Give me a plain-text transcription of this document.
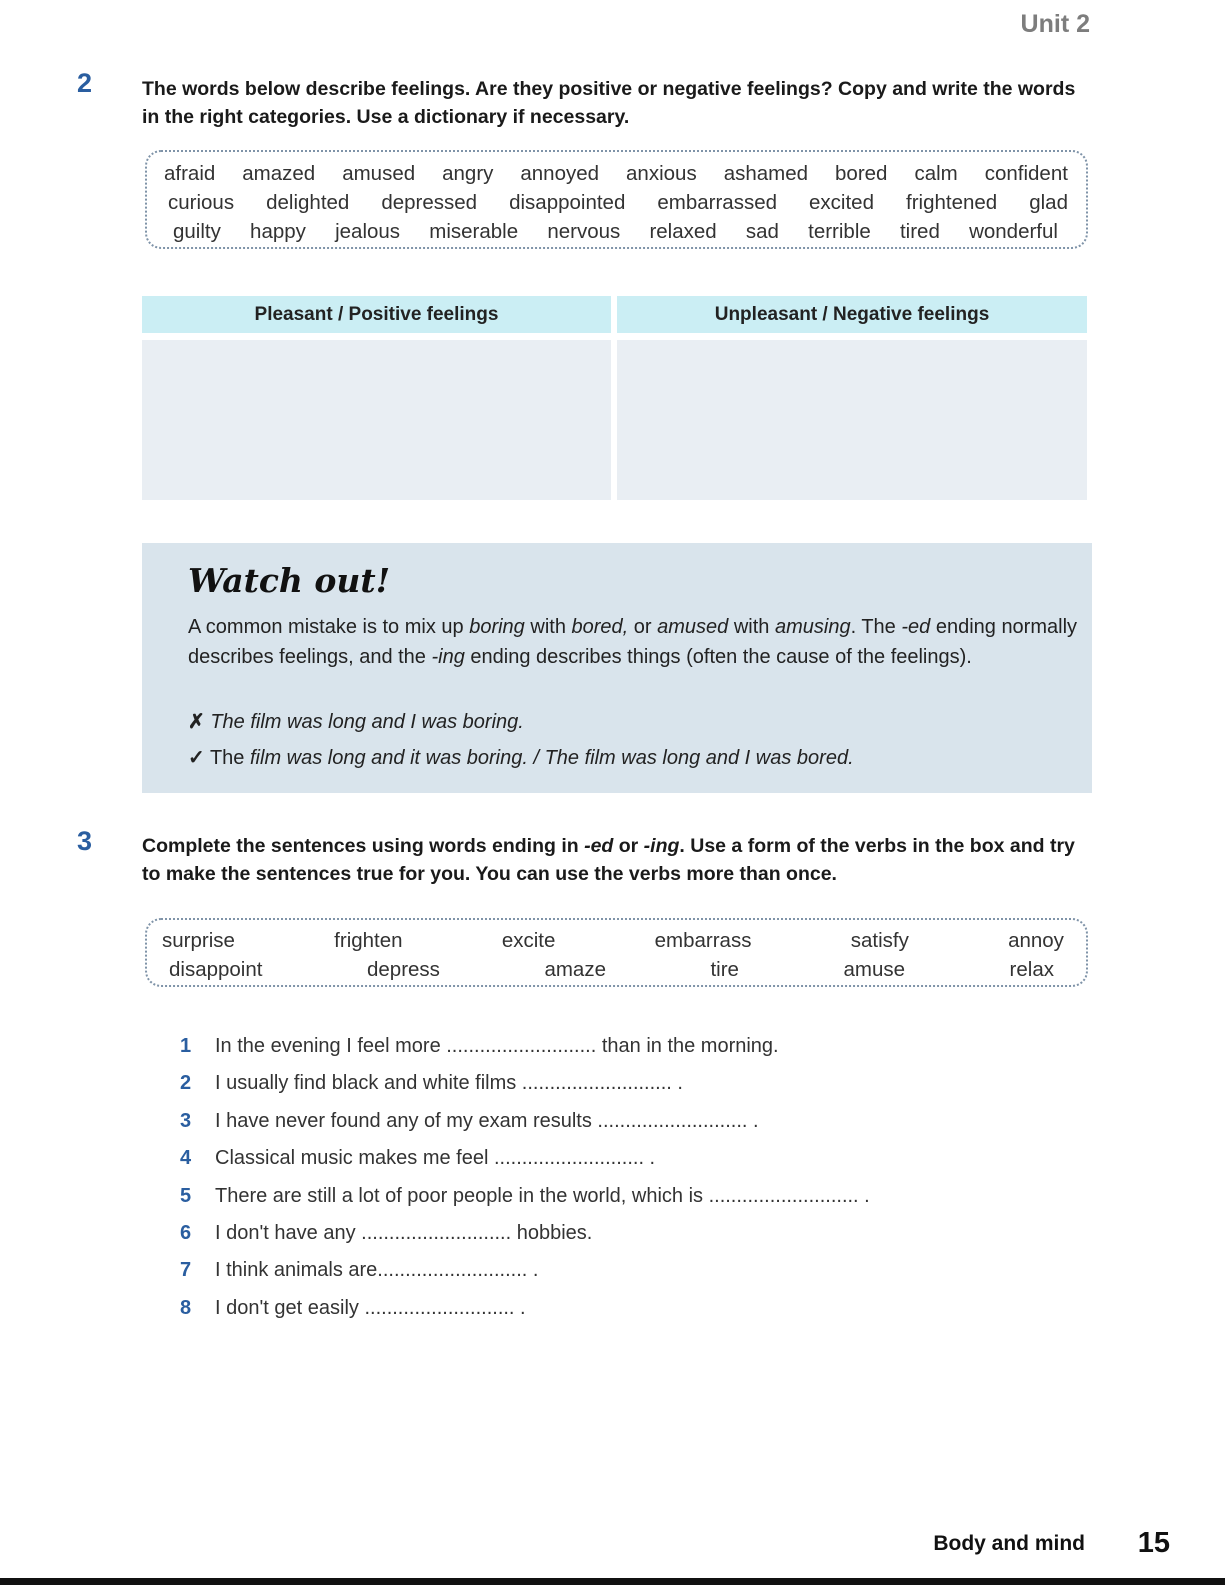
Unit 2
2	The words below describe feelings. Are they positive or negative feelings? Copy and write the words in the right categories. Use a dictionary if necessary.
afraid amazed amused angry annoyed anxious ashamed bored calm confident
curious delighted depressed disappointed embarrassed excited frightened glad
guilty happy jealous miserable nervous relaxed sad terrible tired wonderful
Pleasant / Positive feelings	Unpleasant / Negative feelings
Watch out!
A common mistake is to mix up boring with bored, or amused with amusing. The -ed ending normally describes feelings, and the -ing ending describes things (often the cause of the feelings).
✗ The film was long and I was boring.
✓ The film was long and it was boring. / The film was long and I was bored.
3	Complete the sentences using words ending in -ed or -ing. Use a form of the verbs in the box and try to make the sentences true for you. You can use the verbs more than once.
surprise	frighten	excite	embarrass	satisfy	annoy
disappoint	depress	amaze	tire	amuse	relax
1	In the evening I feel more ........................... than in the morning.
2	I usually find black and white films ........................... .
3	I have never found any of my exam results ........................... .
4	Classical music makes me feel ........................... .
5	There are still a lot of poor people in the world, which is ........................... .
6	I don't have any ........................... hobbies.
7	I think animals are........................... .
8	I don't get easily ........................... .
Body and mind 15
